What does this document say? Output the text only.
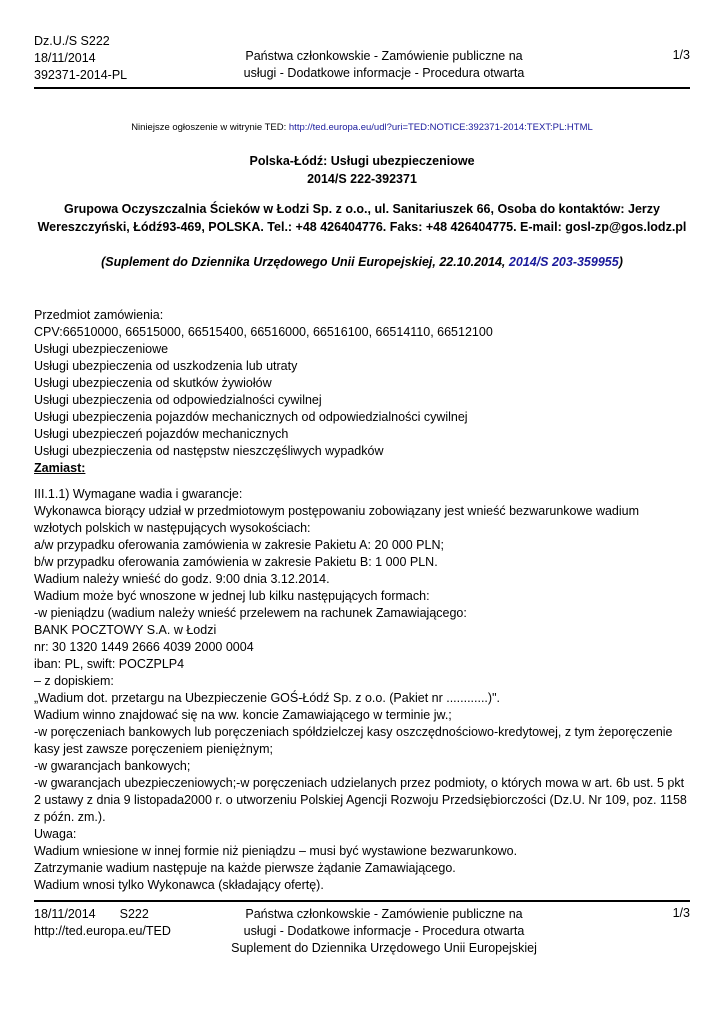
Dz.U./S S222
18/11/2014
392371-2014-PL
Państwa członkowskie - Zamówienie publiczne na
usługi - Dodatkowe informacje - Procedura otwarta
1/3
Niniejsze ogłoszenie w witrynie TED: http://ted.europa.eu/udl?uri=TED:NOTICE:392371-2014:TEXT:PL:HTML
Polska-Łódź: Usługi ubezpieczeniowe
2014/S 222-392371
Grupowa Oczyszczalnia Ścieków w Łodzi Sp. z o.o., ul. Sanitariuszek 66, Osoba do kontaktów: Jerzy Wereszczyński, Łódź93-469, POLSKA. Tel.: +48 426404776. Faks: +48 426404775. E-mail: gosl-zp@gos.lodz.pl
(Suplement do Dziennika Urzędowego Unii Europejskiej, 22.10.2014, 2014/S 203-359955)
Przedmiot zamówienia:
CPV:66510000, 66515000, 66515400, 66516000, 66516100, 66514110, 66512100
Usługi ubezpieczeniowe
Usługi ubezpieczenia od uszkodzenia lub utraty
Usługi ubezpieczenia od skutków żywiołów
Usługi ubezpieczenia od odpowiedzialności cywilnej
Usługi ubezpieczenia pojazdów mechanicznych od odpowiedzialności cywilnej
Usługi ubezpieczeń pojazdów mechanicznych
Usługi ubezpieczenia od następstw nieszczęśliwych wypadków
Zamiast:
III.1.1) Wymagane wadia i gwarancje:
Wykonawca biorący udział w przedmiotowym postępowaniu zobowiązany jest wnieść bezwarunkowe wadium wzłotych polskich w następujących wysokościach:
a/w przypadku oferowania zamówienia w zakresie Pakietu A: 20 000 PLN;
b/w przypadku oferowania zamówienia w zakresie Pakietu B: 1 000 PLN.
Wadium należy wnieść do godz. 9:00 dnia 3.12.2014.
Wadium może być wnoszone w jednej lub kilku następujących formach:
-w pieniądzu (wadium należy wnieść przelewem na rachunek Zamawiającego:
BANK POCZTOWY S.A. w Łodzi
nr: 30 1320 1449 2666 4039 2000 0004
iban: PL, swift: POCZPLP4
– z dopiskiem:
„Wadium dot. przetargu na Ubezpieczenie GOŚ-Łódź Sp. z o.o. (Pakiet nr ............)".
Wadium winno znajdować się na ww. koncie Zamawiającego w terminie jw.;
-w poręczeniach bankowych lub poręczeniach spółdzielczej kasy oszczędnościowo-kredytowej, z tym żeporęczenie kasy jest zawsze poręczeniem pieniężnym;
-w gwarancjach bankowych;
-w gwarancjach ubezpieczeniowych;-w poręczeniach udzielanych przez podmioty, o których mowa w art. 6b ust. 5 pkt 2 ustawy z dnia 9 listopada2000 r. o utworzeniu Polskiej Agencji Rozwoju Przedsiębiorczości (Dz.U. Nr 109, poz. 1158 z późn. zm.).
Uwaga:
Wadium wniesione w innej formie niż pieniądzu – musi być wystawione bezwarunkowo.
Zatrzymanie wadium następuje na każde pierwsze żądanie Zamawiającego.
Wadium wnosi tylko Wykonawca (składający ofertę).
18/11/2014 S222
http://ted.europa.eu/TED
Państwa członkowskie - Zamówienie publiczne na
usługi - Dodatkowe informacje - Procedura otwarta
Suplement do Dziennika Urzędowego Unii Europejskiej
1/3
